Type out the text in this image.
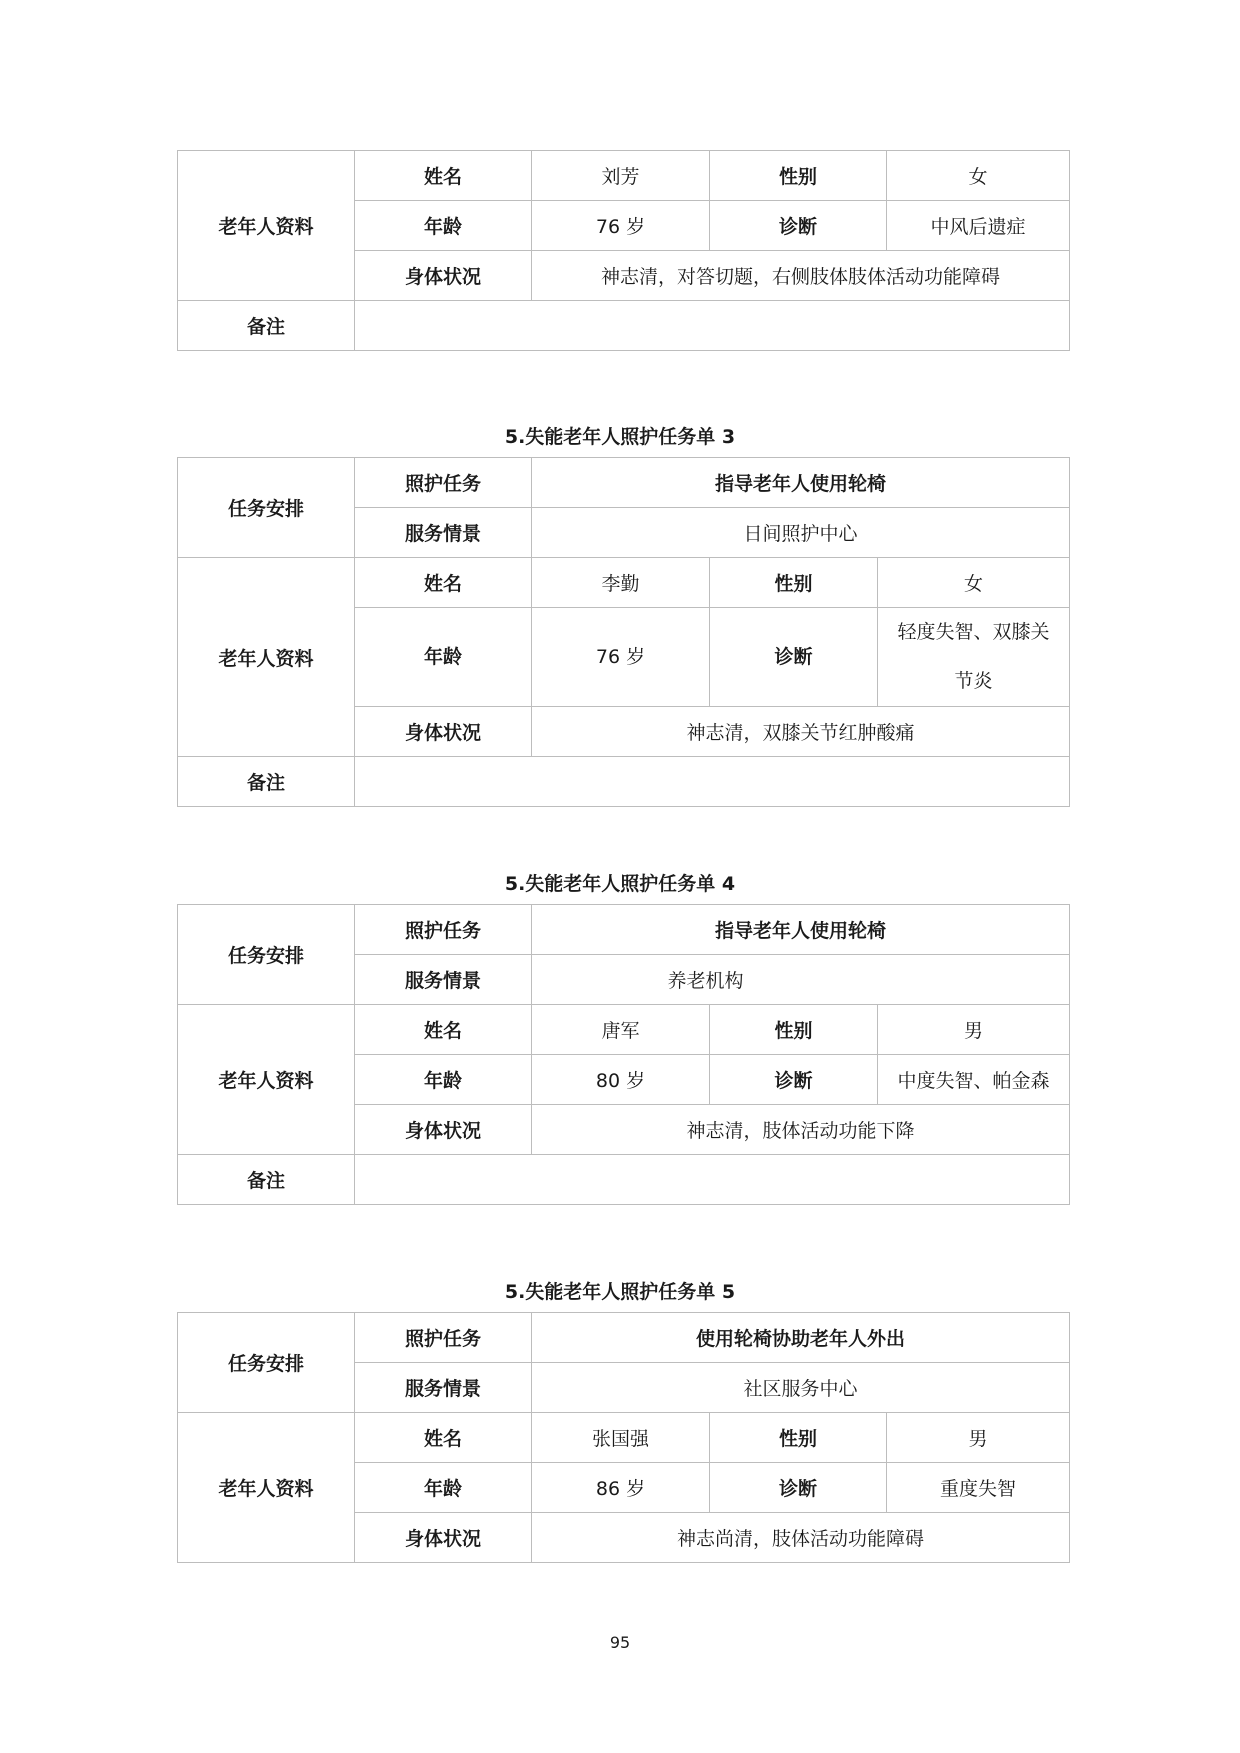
老年人资料	姓名	刘芳	性别	女
	年龄	76 岁	诊断	中风后遗症
	身体状况	神志清，对答切题，右侧肢体肢体活动功能障碍		
备注				
5.失能老年人照护任务单 3
任务安排	照护任务	指导老年人使用轮椅		
	服务情景	日间照护中心		
老年人资料	姓名	李勤	性别	女
	年龄	76 岁	诊断	轻度失智、双膝关节炎
	身体状况	神志清，双膝关节红肿酸痛		
备注				
5.失能老年人照护任务单 4
任务安排	照护任务	指导老年人使用轮椅		
	服务情景	养老机构		
老年人资料	姓名	唐军	性别	男
	年龄	80 岁	诊断	中度失智、帕金森
	身体状况	神志清，肢体活动功能下降		
备注				
5.失能老年人照护任务单 5
任务安排	照护任务	使用轮椅协助老年人外出		
	服务情景	社区服务中心		
老年人资料	姓名	张国强	性别	男
	年龄	86 岁	诊断	重度失智
	身体状况	神志尚清，肢体活动功能障碍		
95
